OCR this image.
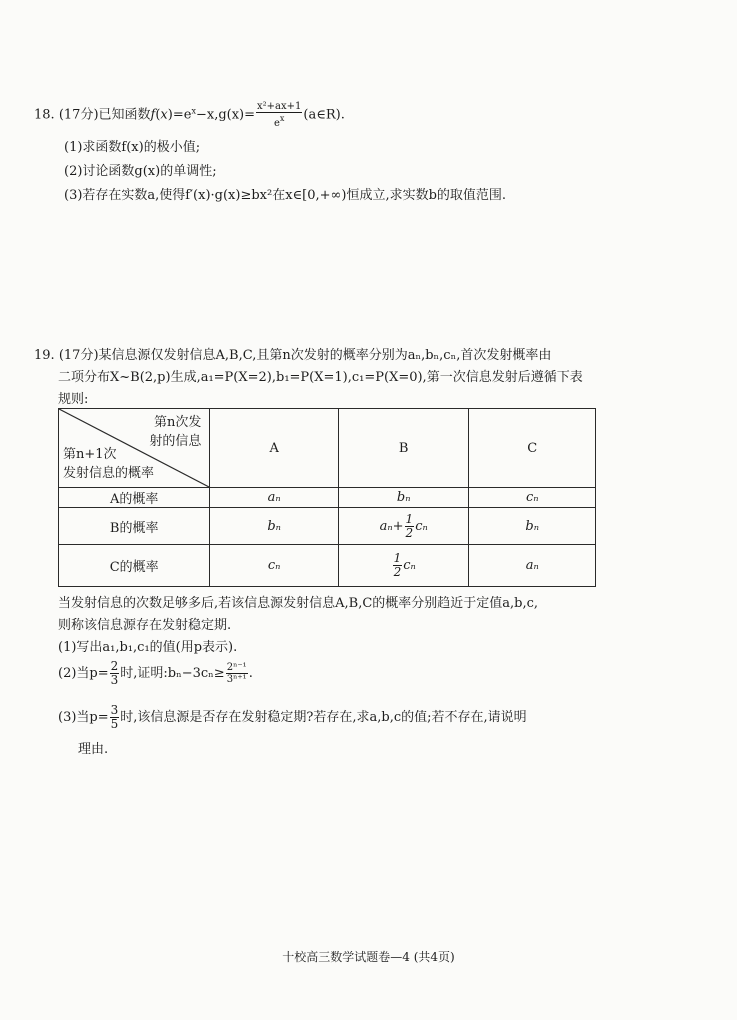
18. (17分)已知函数$f(x)=e^x-x,g(x)= \frac{\text{x²+ax+1}}{e^x}$ (a∈R).
(1)求函数f(x)的极小值;
(2)讨论函数g(x)的单调性;
(3)若存在实数a,使得f′(x)·g(x)≥bx²在x∈[0,+∞)恒成立,求实数b的取值范围.
19. (17分)某信息源仅发射信息A,B,C,且第n次发射的概率分别为aₙ,bₙ,cₙ,首次发射概率由
二项分布X~B(2,p)生成,a₁=P(X=2),b₁=P(X=1),c₁=P(X=0),第一次信息发射后遵循下表
规则:
第n次发
射的信息
第n+1次
发射信息的概率	A	B	C
A的概率	aₙ	bₙ	cₙ
B的概率	bₙ	$a_n+ \frac{1}{2}$ cₙ	bₙ
C的概率	cₙ	$\frac{1}{2}$ cₙ	aₙ
当发射信息的次数足够多后,若该信息源发射信息A,B,C的概率分别趋近于定值a,b,c,
则称该信息源存在发射稳定期.
(1)写出a₁,b₁,c₁的值(用p表示).
(2)当$p= \frac{2}{3}$ 时,证明:bₙ−3cₙ≥ $\frac{\text{2ⁿ⁻¹}}{\text{3ⁿ⁺¹}}$ .
(3)当$p= \frac{3}{5}$ 时,该信息源是否存在发射稳定期?若存在,求a,b,c的值;若不存在,请说明
理由.
十校高三数学试题卷—4 (共4页)
